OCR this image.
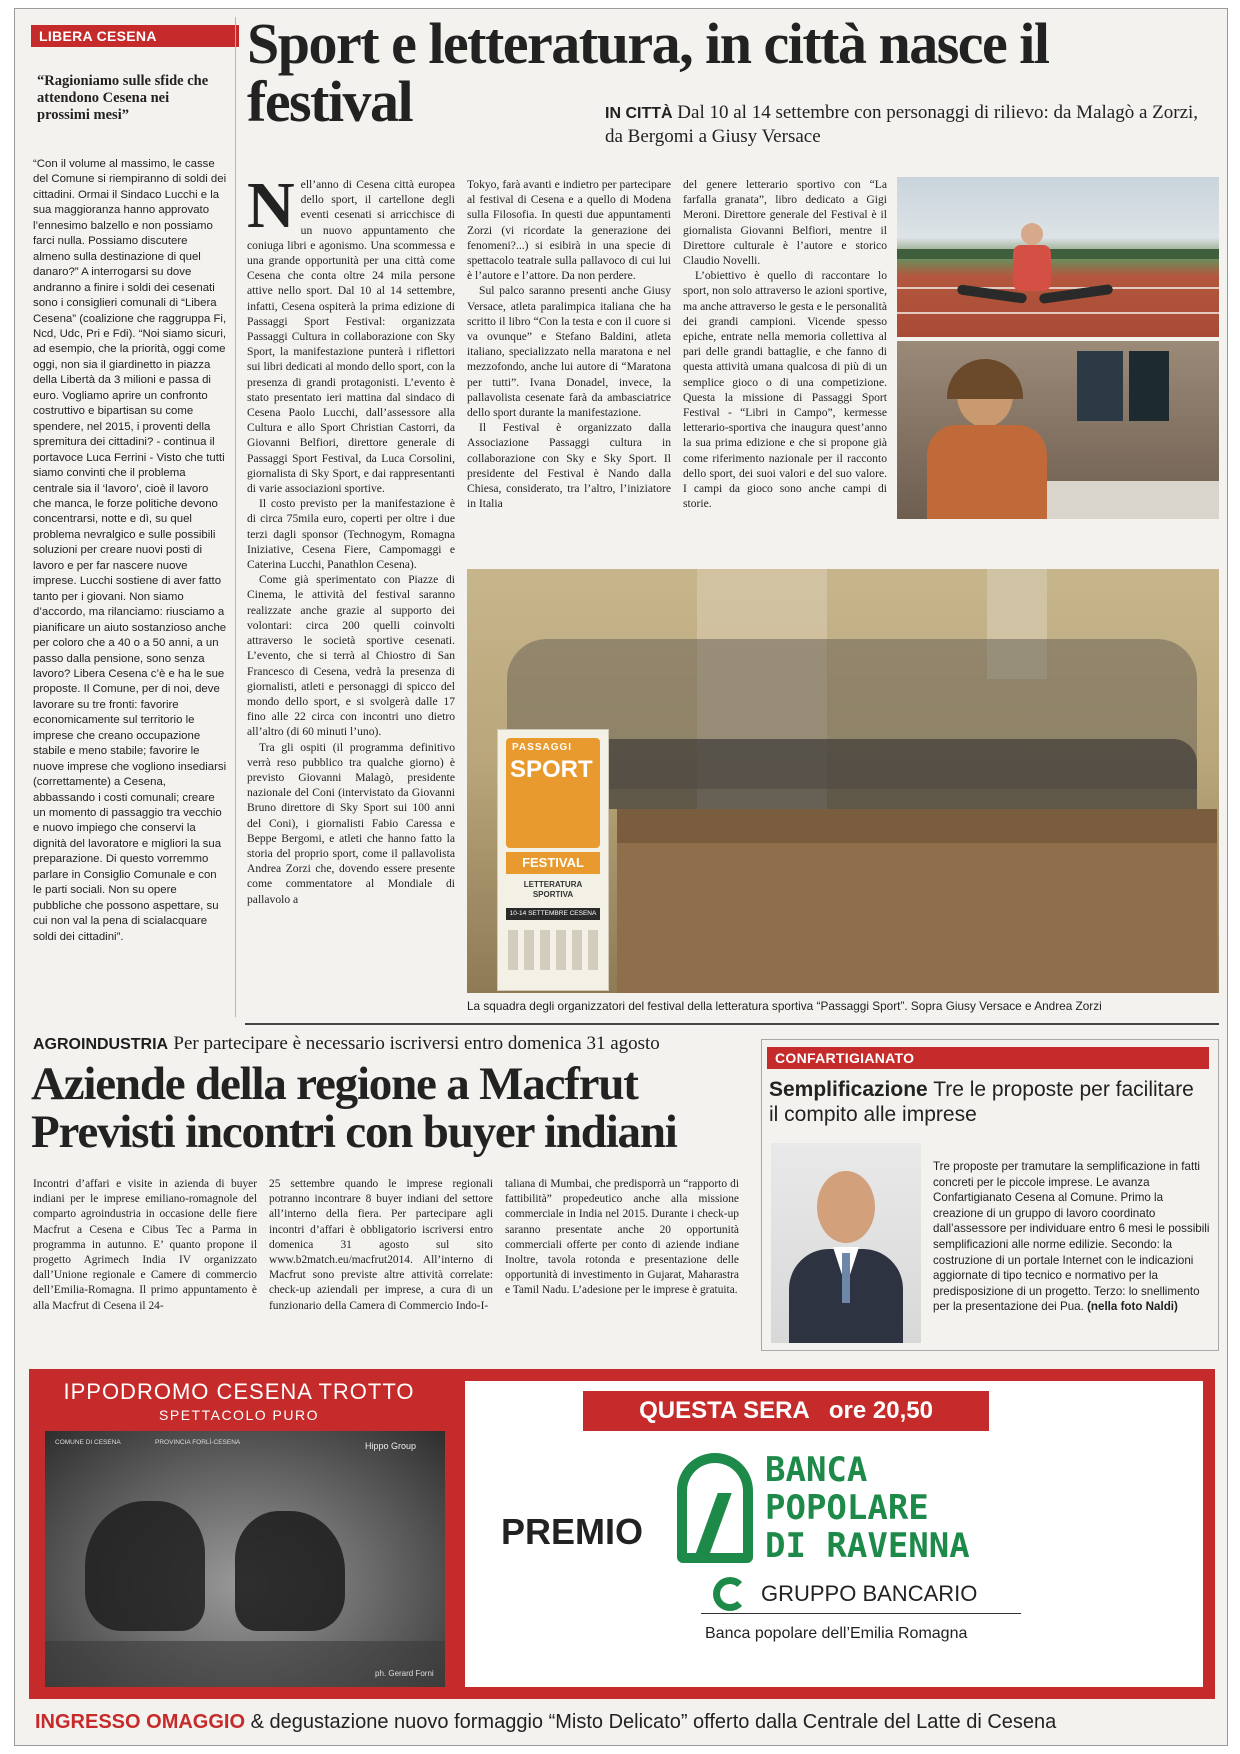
LIBERA CESENA
“Ragioniamo sulle sfide che attendono Cesena nei prossimi mesi”
“Con il volume al massimo, le casse del Comune si riempiranno di soldi dei cittadini. Ormai il Sindaco Lucchi e la sua maggioranza hanno approvato l’ennesimo balzello e non possiamo farci nulla. Possiamo discutere almeno sulla destinazione di quel danaro?” A interrogarsi su dove andranno a finire i soldi dei cesenati sono i consiglieri comunali di “Libera Cesena” (coalizione che raggruppa Fi, Ncd, Udc, Pri e Fdi). “Noi siamo sicuri, ad esempio, che la priorità, oggi come oggi, non sia il giardinetto in piazza della Libertà da 3 milioni e passa di euro. Vogliamo aprire un confronto costruttivo e bipartisan su come spendere, nel 2015, i proventi della spremitura dei cittadini? - continua il portavoce Luca Ferrini - Visto che tutti siamo convinti che il problema centrale sia il ‘lavoro’, cioè il lavoro che manca, le forze politiche devono concentrarsi, notte e dì, su quel problema nevralgico e sulle possibili soluzioni per creare nuovi posti di lavoro e per far nascere nuove imprese. Lucchi sostiene di aver fatto tanto per i giovani. Non siamo d’accordo, ma rilanciamo: riusciamo a pianificare un aiuto sostanzioso anche per coloro che a 40 o a 50 anni, a un passo dalla pensione, sono senza lavoro? Libera Cesena c’è e ha le sue proposte. Il Comune, per di noi, deve lavorare su tre fronti: favorire economicamente sul territorio le imprese che creano occupazione stabile e meno stabile; favorire le nuove imprese che vogliono insediarsi (correttamente) a Cesena, abbassando i costi comunali; creare un momento di passaggio tra vecchio e nuovo impiego che conservi la dignità del lavoratore e migliori la sua preparazione. Di questo vorremmo parlare in Consiglio Comunale e con le parti sociali. Non su opere pubbliche che possono aspettare, su cui non val la pena di scialacquare soldi dei cittadini”.
Sport e letteratura, in città nasce il festival	IN CITTÀ Dal 10 al 14 settembre con personaggi di rilievo: da Malagò a Zorzi, da Bergomi a Giusy Versace
N ell’anno di Cesena città europea dello sport, il cartellone degli eventi cesenati si arricchisce di un nuovo appuntamento che coniuga libri e agonismo. Una scommessa e una grande opportunità per una città come Cesena che conta oltre 24 mila persone attive nello sport. Dal 10 al 14 settembre, infatti, Cesena ospiterà la prima edizione di Passaggi Sport Festival: organizzata Passaggi Cultura in collaborazione con Sky Sport, la manifestazione punterà i riflettori sui libri dedicati al mondo dello sport, con la presenza di grandi protagonisti. L’evento è stato presentato ieri mattina dal sindaco di Cesena Paolo Lucchi, dall’assessore alla Cultura e allo Sport Christian Castorri, da Giovanni Belfiori, direttore generale di Passaggi Sport Festival, da Luca Corsolini, giornalista di Sky Sport, e dai rappresentanti di varie associazioni sportive.

Il costo previsto per la manifestazione è di circa 75mila euro, coperti per oltre i due terzi dagli sponsor (Technogym, Romagna Iniziative, Cesena Fiere, Campomaggi e Caterina Lucchi, Panathlon Cesena).

Come già sperimentato con Piazze di Cinema, le attività del festival saranno realizzate anche grazie al supporto dei volontari: circa 200 quelli coinvolti attraverso le società sportive cesenati. L’evento, che si terrà al Chiostro di San Francesco di Cesena, vedrà la presenza di giornalisti, atleti e personaggi di spicco del mondo dello sport, e si svolgerà dalle 17 fino alle 22 circa con incontri uno dietro all’altro (di 60 minuti l’uno).

Tra gli ospiti (il programma definitivo verrà reso pubblico tra qualche giorno) è previsto Giovanni Malagò, presidente nazionale del Coni (intervistato da Giovanni Bruno direttore di Sky Sport sui 100 anni del Coni), i giornalisti Fabio Caressa e Beppe Bergomi, e atleti che hanno fatto la storia del proprio sport, come il pallavolista Andrea Zorzi che, dovendo essere presente come commentatore al Mondiale di pallavolo a

Tokyo, farà avanti e indietro per partecipare al festival di Cesena e a quello di Modena sulla Filosofia. In questi due appuntamenti Zorzi (vi ricordate la generazione dei fenomeni?...) si esibirà in una specie di spettacolo teatrale sulla pallavoco di cui lui è l’autore e l’attore. Da non perdere.

Sul palco saranno presenti anche Giusy Versace, atleta paralimpica italiana che ha scritto il libro “Con la testa e con il cuore si va ovunque” e Stefano Baldini, atleta italiano, specializzato nella maratona e nel mezzofondo, anche lui autore di “Maratona per tutti”. Ivana Donadel, invece, la pallavolista cesenate farà da ambasciatrice dello sport durante la manifestazione.

Il Festival è organizzato dalla Associazione Passaggi cultura in collaborazione con Sky e Sky Sport. Il presidente del Festival è Nando dalla Chiesa, considerato, tra l’altro, l’iniziatore in Italia

del genere letterario sportivo con “La farfalla granata”, libro dedicato a Gigi Meroni. Direttore generale del Festival è il giornalista Giovanni Belfiori, mentre il Direttore culturale è l’autore e storico Claudio Novelli.

L’obiettivo è quello di raccontare lo sport, non solo attraverso le azioni sportive, ma anche attraverso le gesta e le personalità dei grandi campioni. Vicende spesso epiche, entrate nella memoria collettiva al pari delle grandi battaglie, e che fanno di questa attività umana qualcosa di più di un semplice gioco o di una competizione. Questa la missione di Passaggi Sport Festival - “Libri in Campo”, kermesse letterario-sportiva che inaugura quest’anno la sua prima edizione e che si propone già come riferimento nazionale per il racconto dello sport, dei suoi valori e del suo valore. I campi da gioco sono anche campi di storie.

PASSAGGI
SPORT
FESTIVAL
LETTERATURA SPORTIVA
10-14 SETTEMBRE CESENA
La squadra degli organizzatori del festival della letteratura sportiva “Passaggi Sport”. Sopra Giusy Versace e Andrea Zorzi
AGROINDUSTRIA Per partecipare è necessario iscriversi entro domenica 31 agosto
Aziende della regione a Macfrut
Previsti incontri con buyer indiani
Incontri d’affari e visite in azienda di buyer indiani per le imprese emiliano-romagnole del comparto agroindustria in occasione delle fiere Macfrut a Cesena e Cibus Tec a Parma in programma in autunno. E’ quanto propone il progetto Agrimech India IV organizzato dall’Unione regionale e Camere di commercio dell’Emilia-Romagna. Il primo appuntamento è alla Macfrut di Cesena il 24-
25 settembre quando le imprese regionali potranno incontrare 8 buyer indiani del settore all’interno della fiera. Per partecipare agli incontri d’affari è obbligatorio iscriversi entro domenica 31 agosto sul sito www.b2match.eu/macfrut2014. All’interno di Macfrut sono previste altre attività correlate: check-up aziendali per imprese, a cura di un funzionario della Camera di Commercio Indo-I-
taliana di Mumbai, che predisporrà un “rapporto di fattibilità” propedeutico anche alla missione commerciale in India nel 2015. Durante i check-up saranno presentate anche 20 opportunità commerciali offerte per conto di aziende indiane Inoltre, tavola rotonda e presentazione delle opportunità di investimento in Gujarat, Maharastra e Tamil Nadu. L’adesione per le imprese è gratuita.
CONFARTIGIANATO
Semplificazione Tre le proposte per facilitare il compito alle imprese
Tre proposte per tramutare la semplificazione in fatti concreti per le piccole imprese. Le avanza Confartigianato Cesena al Comune. Primo la creazione di un gruppo di lavoro coordinato dall’assessore per individuare entro 6 mesi le possibili semplificazioni alle norme edilizie. Secondo: la costruzione di un portale Internet con le indicazioni aggiornate di tipo tecnico e normativo per la predisposizione di un progetto. Terzo: lo snellimento per la presentazione dei Pua. (nella foto Naldi)
IPPODROMO CESENA TROTTO
SPETTACOLO PURO
COMUNE DI CESENA	PROVINCIA FORLÌ-CESENA	Hippo Group
ph. Gerard Forni
QUESTA SERA   ore 20,50
PREMIO
BANCA
POPOLARE
DI RAVENNA
GRUPPO BANCARIO
Banca popolare dell’Emilia Romagna
INGRESSO OMAGGIO & degustazione nuovo formaggio “Misto Delicato” offerto dalla Centrale del Latte di Cesena
